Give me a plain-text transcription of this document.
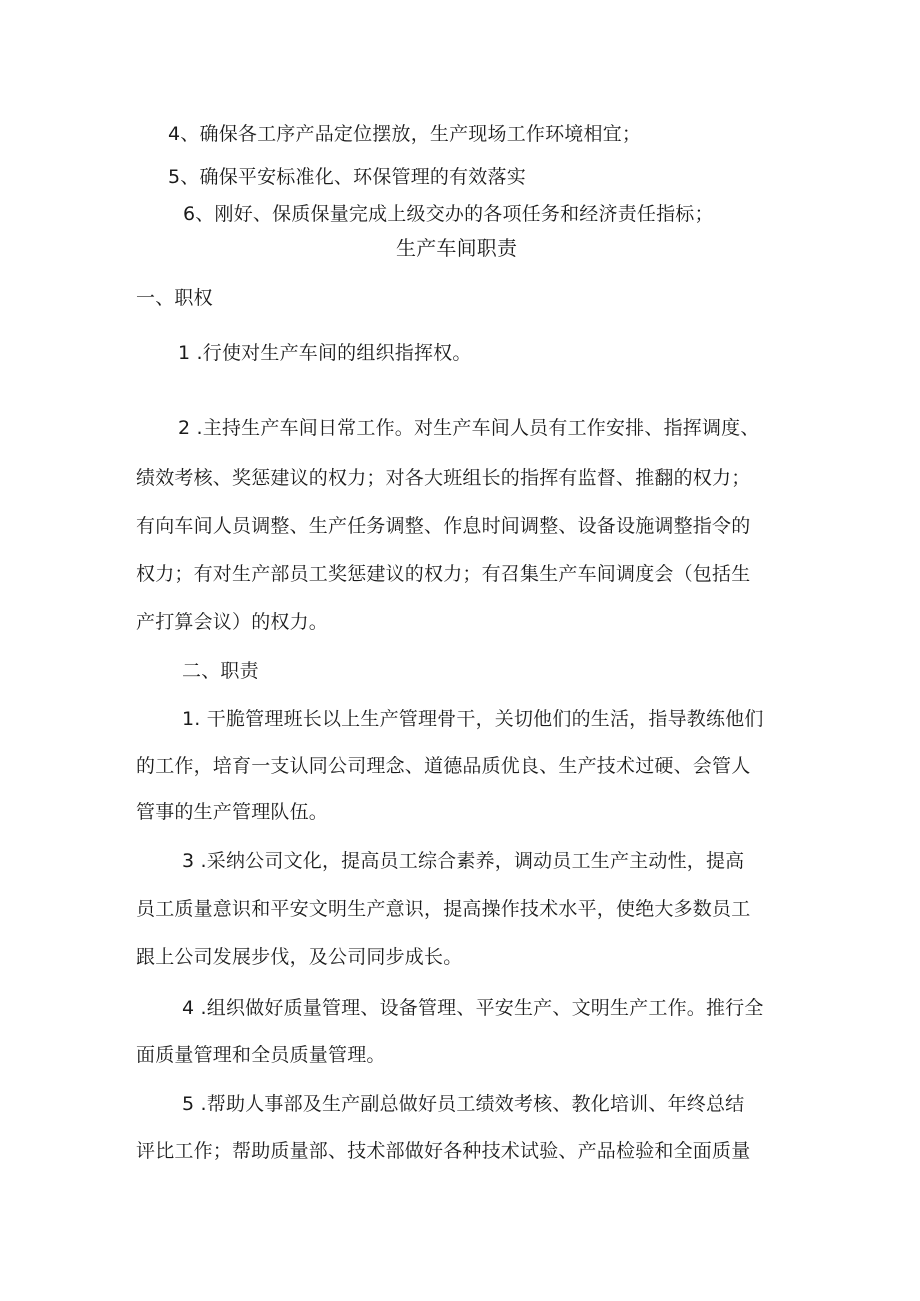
4、确保各工序产品定位摆放，生产现场工作环境相宜；
5、确保平安标准化、环保管理的有效落实
6、刚好、保质保量完成上级交办的各项任务和经济责任指标；
生产车间职责
一、职权
1 .行使对生产车间的组织指挥权。
2 .主持生产车间日常工作。对生产车间人员有工作安排、指挥调度、
绩效考核、奖惩建议的权力；对各大班组长的指挥有监督、推翻的权力；
有向车间人员调整、生产任务调整、作息时间调整、设备设施调整指令的
权力；有对生产部员工奖惩建议的权力；有召集生产车间调度会（包括生
产打算会议）的权力。
二、职责
1. 干脆管理班长以上生产管理骨干，关切他们的生活，指导教练他们
的工作，培育一支认同公司理念、道德品质优良、生产技术过硬、会管人
管事的生产管理队伍。
3 .采纳公司文化，提高员工综合素养，调动员工生产主动性，提高
员工质量意识和平安文明生产意识，提高操作技术水平，使绝大多数员工
跟上公司发展步伐，及公司同步成长。
4 .组织做好质量管理、设备管理、平安生产、文明生产工作。推行全
面质量管理和全员质量管理。
5 .帮助人事部及生产副总做好员工绩效考核、教化培训、年终总结
评比工作；帮助质量部、技术部做好各种技术试验、产品检验和全面质量
